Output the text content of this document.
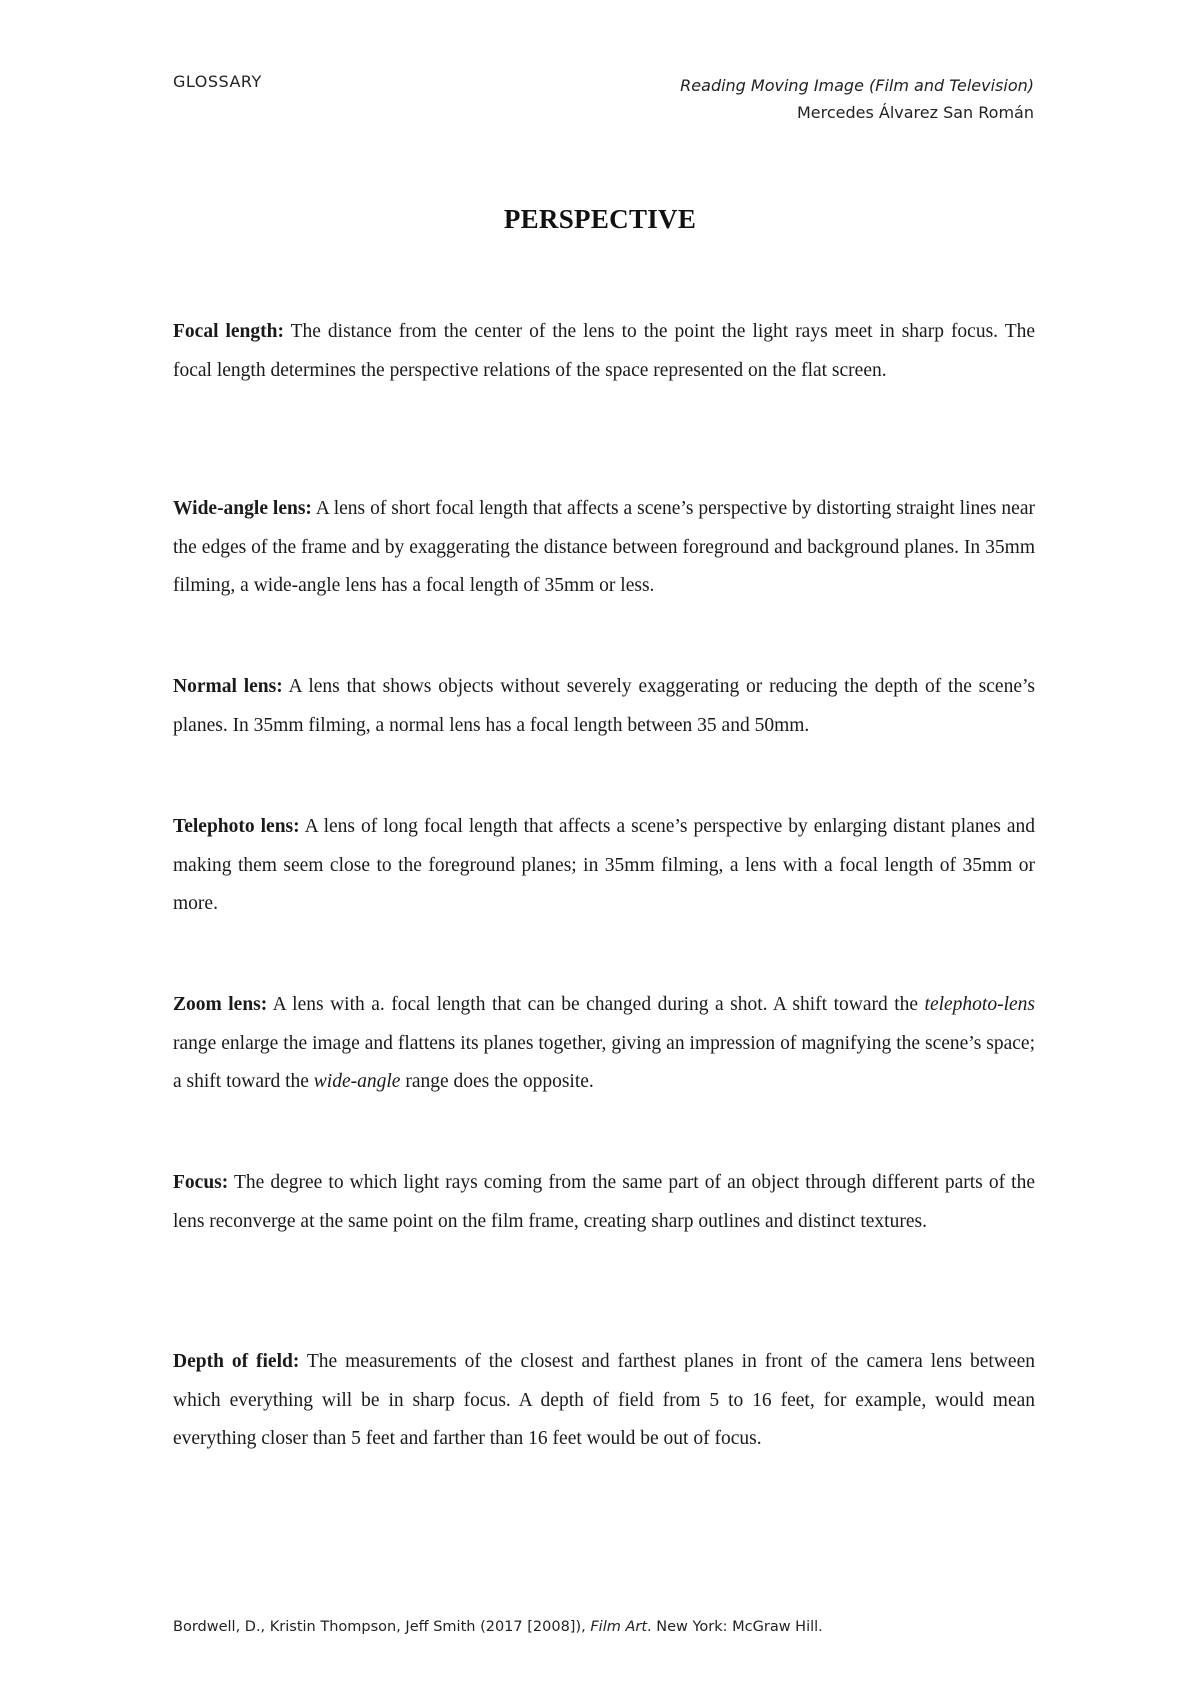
GLOSSARY	Reading Moving Image (Film and Television)
Mercedes Álvarez San Román
PERSPECTIVE

Focal length: The distance from the center of the lens to the point the light rays meet in sharp focus. The focal length determines the perspective relations of the space represented on the flat screen.

Wide-angle lens: A lens of short focal length that affects a scene’s perspective by distorting straight lines near the edges of the frame and by exaggerating the distance between foreground and background planes. In 35mm filming, a wide-angle lens has a focal length of 35mm or less.

Normal lens: A lens that shows objects without severely exaggerating or reducing the depth of the scene’s planes. In 35mm filming, a normal lens has a focal length between 35 and 50mm.

Telephoto lens: A lens of long focal length that affects a scene’s perspective by enlarging distant planes and making them seem close to the foreground planes; in 35mm filming, a lens with a focal length of 35mm or more.

Zoom lens: A lens with a. focal length that can be changed during a shot. A shift toward the telephoto-lens range enlarge the image and flattens its planes together, giving an impression of magnifying the scene’s space; a shift toward the wide-angle range does the opposite.

Focus: The degree to which light rays coming from the same part of an object through different parts of the lens reconverge at the same point on the film frame, creating sharp outlines and distinct textures.

Depth of field: The measurements of the closest and farthest planes in front of the camera lens between which everything will be in sharp focus. A depth of field from 5 to 16 feet, for example, would mean everything closer than 5 feet and farther than 16 feet would be out of focus.

Bordwell, D., Kristin Thompson, Jeff Smith (2017 [2008]), Film Art. New York: McGraw Hill.
